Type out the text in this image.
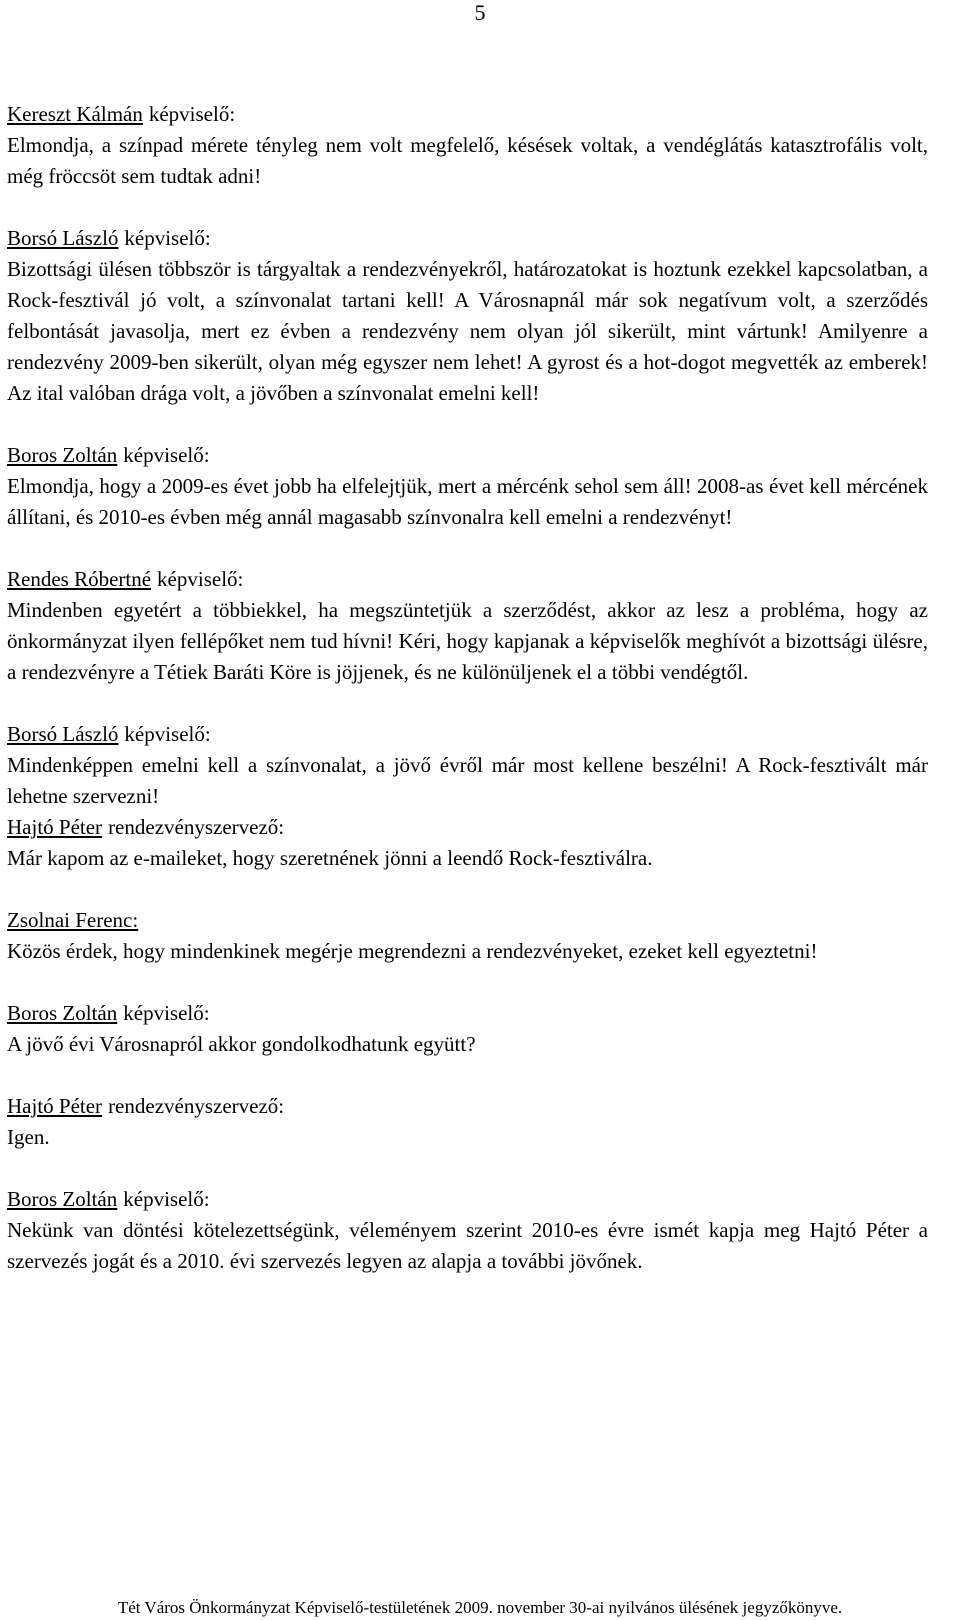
5
Kereszt Kálmán képviselő:

Elmondja, a színpad mérete tényleg nem volt megfelelő, késések voltak, a vendéglátás katasztrofális volt, még fröccsöt sem tudtak adni!

Borsó László képviselő:

Bizottsági ülésen többször is tárgyaltak a rendezvényekről, határozatokat is hoztunk ezekkel kapcsolatban, a Rock-fesztivál jó volt, a színvonalat tartani kell! A Városnapnál már sok negatívum volt, a szerződés felbontását javasolja, mert ez évben a rendezvény nem olyan jól sikerült, mint vártunk! Amilyenre a rendezvény 2009-ben sikerült, olyan még egyszer nem lehet! A gyrost és a hot-dogot megvették az emberek! Az ital valóban drága volt, a jövőben a színvonalat emelni kell!

Boros Zoltán képviselő:

Elmondja, hogy a 2009-es évet jobb ha elfelejtjük, mert a mércénk sehol sem áll! 2008-as évet kell mércének állítani, és 2010-es évben még annál magasabb színvonalra kell emelni a rendezvényt!

Rendes Róbertné képviselő:

Mindenben egyetért a többiekkel, ha megszüntetjük a szerződést, akkor az lesz a probléma, hogy az önkormányzat ilyen fellépőket nem tud hívni! Kéri, hogy kapjanak a képviselők meghívót a bizottsági ülésre, a rendezvényre a Tétiek Baráti Köre is jöjjenek, és ne különüljenek el a többi vendégtől.

Borsó László képviselő:

Mindenképpen emelni kell a színvonalat, a jövő évről már most kellene beszélni! A Rock-fesztivált már lehetne szervezni!

Hajtó Péter rendezvényszervező:

Már kapom az e-maileket, hogy szeretnének jönni a leendő Rock-fesztiválra.

Zsolnai Ferenc:

Közös érdek, hogy mindenkinek megérje megrendezni a rendezvényeket, ezeket kell egyeztetni!

Boros Zoltán képviselő:

A jövő évi Városnapról akkor gondolkodhatunk együtt?

Hajtó Péter rendezvényszervező:

Igen.

Boros Zoltán képviselő:

Nekünk van döntési kötelezettségünk, véleményem szerint 2010-es évre ismét kapja meg Hajtó Péter a szervezés jogát és a 2010. évi szervezés legyen az alapja a további jövőnek.

Tét Város Önkormányzat Képviselő-testületének 2009. november 30-ai nyilvános ülésének jegyzőkönyve.
